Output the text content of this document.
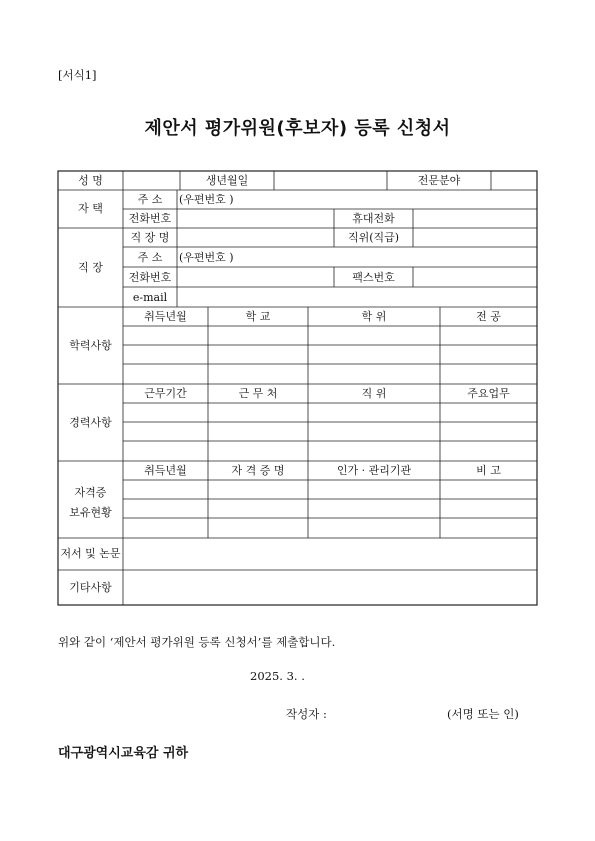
[서식1]
제안서 평가위원(후보자) 등록 신청서
성 명	생년월일	전문분야
자 택
주 소	(우편번호 )
전화번호	휴대전화
직 장
직 장 명	직위(직급)
주 소	(우편번호 )
전화번호	팩스번호
e-mail
학력사항
취득년월	학 교	학 위	전 공
경력사항
근무기간	근 무 처	직 위	주요업무
자격증
보유현황
취득년월	자 격 증 명	인가 · 관리기관	비 고
저서 및 논문
기타사항
위와 같이 ‘제안서 평가위원 등록 신청서’를 제출합니다.
2025. 3. .
작성자 :	(서명 또는 인)
대구광역시교육감 귀하
